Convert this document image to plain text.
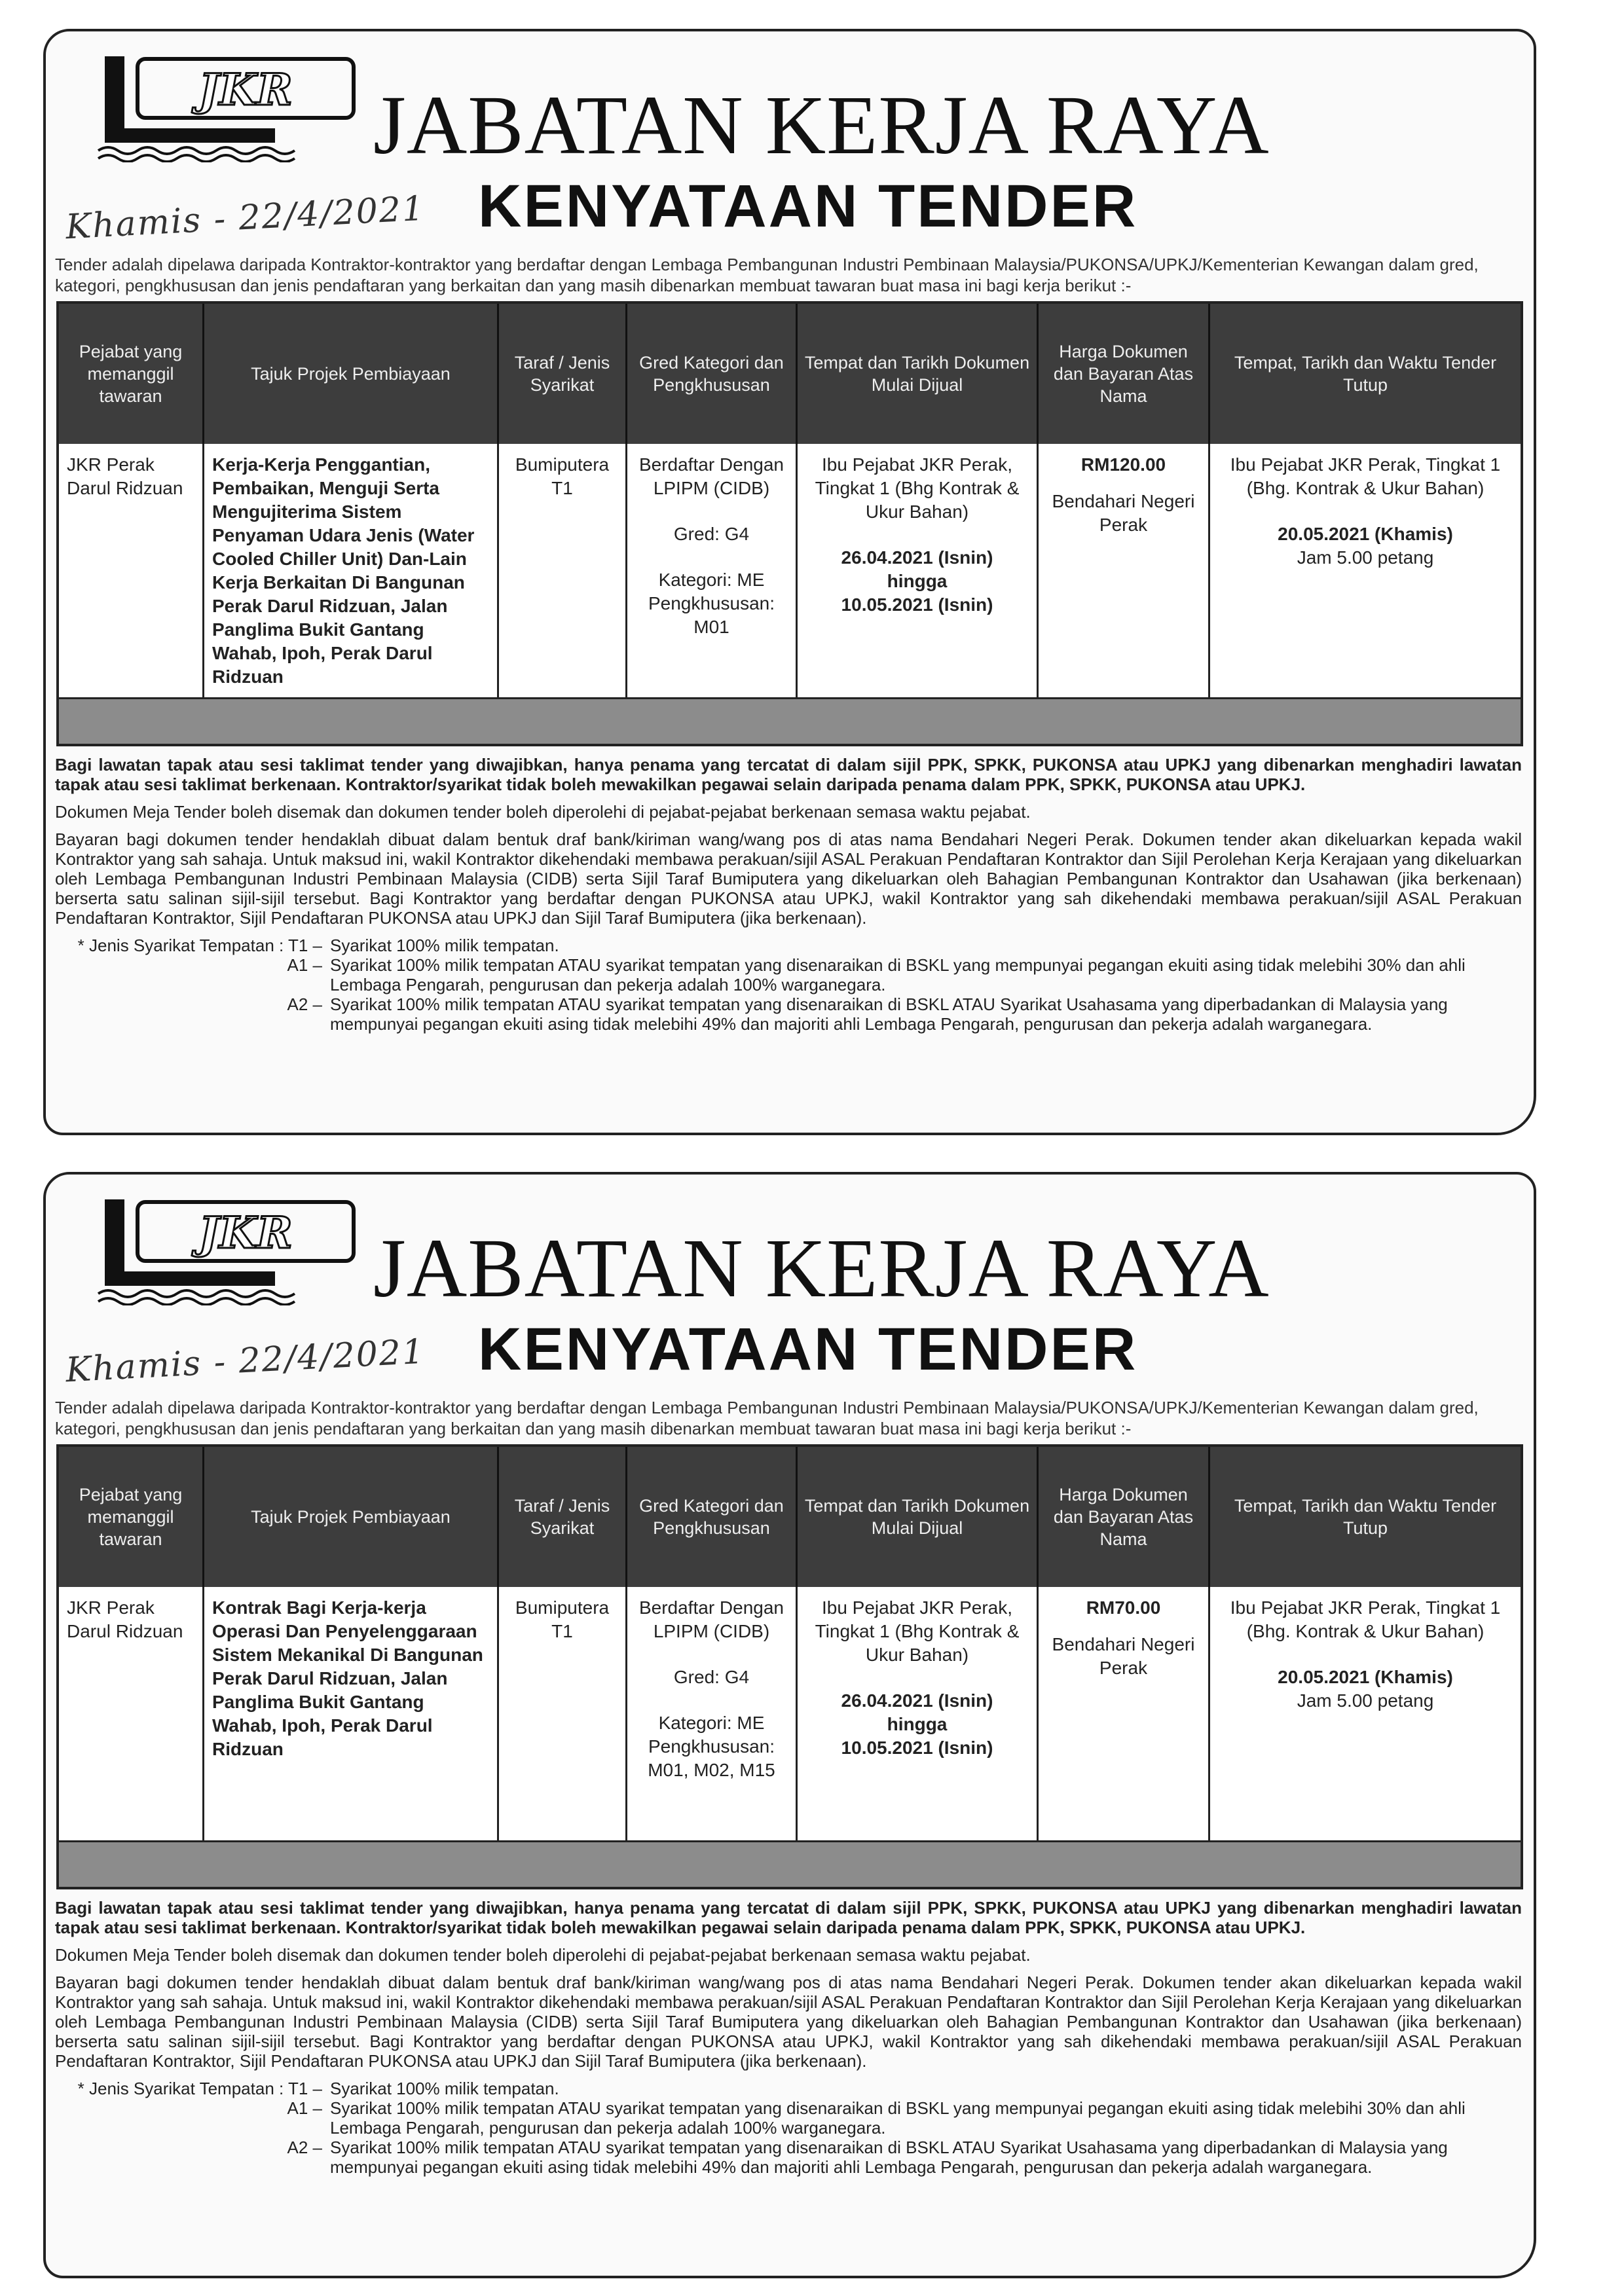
JKR
Khamis - 22/4/2021
JABATAN KERJA RAYA
KENYATAAN TENDER
Tender adalah dipelawa daripada Kontraktor-kontraktor yang berdaftar dengan Lembaga Pembangunan Industri Pembinaan Malaysia/PUKONSA/UPKJ/Kementerian Kewangan dalam gred, kategori, pengkhususan dan jenis pendaftaran yang berkaitan dan yang masih dibenarkan membuat tawaran buat masa ini bagi kerja berikut :-
Pejabat yang memanggil tawaran
Tajuk Projek Pembiayaan
Taraf / Jenis Syarikat
Gred Kategori dan Pengkhususan
Tempat dan Tarikh Dokumen Mulai Dijual
Harga Dokumen dan Bayaran Atas Nama
Tempat, Tarikh dan Waktu Tender Tutup
JKR Perak Darul Ridzuan
Kerja-Kerja Penggantian, Pembaikan, Menguji Serta Mengujiterima Sistem Penyaman Udara Jenis (Water Cooled Chiller Unit) Dan-Lain Kerja Berkaitan Di Bangunan Perak Darul Ridzuan, Jalan Panglima Bukit Gantang Wahab, Ipoh, Perak Darul Ridzuan
Bumiputera
T1
Berdaftar Dengan LPIPM (CIDB)
Gred: G4
Kategori: ME
Pengkhususan: M01
Ibu Pejabat JKR Perak, Tingkat 1 (Bhg Kontrak & Ukur Bahan)
26.04.2021 (Isnin)
hingga
10.05.2021 (Isnin)
RM120.00
Bendahari Negeri Perak
Ibu Pejabat JKR Perak, Tingkat 1 (Bhg. Kontrak & Ukur Bahan)
20.05.2021 (Khamis)
Jam 5.00 petang

Bagi lawatan tapak atau sesi taklimat tender yang diwajibkan, hanya penama yang tercatat di dalam sijil PPK, SPKK, PUKONSA atau UPKJ yang dibenarkan menghadiri lawatan tapak atau sesi taklimat berkenaan. Kontraktor/syarikat tidak boleh mewakilkan pegawai selain daripada penama dalam PPK, SPKK, PUKONSA atau UPKJ.

Dokumen Meja Tender boleh disemak dan dokumen tender boleh diperolehi di pejabat-pejabat berkenaan semasa waktu pejabat.

Bayaran bagi dokumen tender hendaklah dibuat dalam bentuk draf bank/kiriman wang/wang pos di atas nama Bendahari Negeri Perak. Dokumen tender akan dikeluarkan kepada wakil Kontraktor yang sah sahaja. Untuk maksud ini, wakil Kontraktor dikehendaki membawa perakuan/sijil ASAL Perakuan Pendaftaran Kontraktor dan Sijil Perolehan Kerja Kerajaan yang dikeluarkan oleh Lembaga Pembangunan Industri Pembinaan Malaysia (CIDB) serta Sijil Taraf Bumiputera yang dikeluarkan oleh Bahagian Pembangunan Kontraktor dan Usahawan (jika berkenaan) berserta satu salinan sijil-sijil tersebut. Bagi Kontraktor yang berdaftar dengan PUKONSA atau UPKJ, wakil Kontraktor yang sah dikehendaki membawa perakuan/sijil ASAL Perakuan Pendaftaran Kontraktor, Sijil Pendaftaran PUKONSA atau UPKJ dan Sijil Taraf Bumiputera (jika berkenaan).

* Jenis Syarikat Tempatan : T1 – Syarikat 100% milik tempatan.
A1 – Syarikat 100% milik tempatan ATAU syarikat tempatan yang disenaraikan di BSKL yang mempunyai pegangan ekuiti asing tidak melebihi 30% dan ahli Lembaga Pengarah, pengurusan dan pekerja adalah 100% warganegara.
A2 – Syarikat 100% milik tempatan ATAU syarikat tempatan yang disenaraikan di BSKL ATAU Syarikat Usahasama yang diperbadankan di Malaysia yang mempunyai pegangan ekuiti asing tidak melebihi 49% dan majoriti ahli Lembaga Pengarah, pengurusan dan pekerja adalah warganegara.
JKR
Khamis - 22/4/2021
JABATAN KERJA RAYA
KENYATAAN TENDER
Tender adalah dipelawa daripada Kontraktor-kontraktor yang berdaftar dengan Lembaga Pembangunan Industri Pembinaan Malaysia/PUKONSA/UPKJ/Kementerian Kewangan dalam gred, kategori, pengkhususan dan jenis pendaftaran yang berkaitan dan yang masih dibenarkan membuat tawaran buat masa ini bagi kerja berikut :-
Pejabat yang memanggil tawaran
Tajuk Projek Pembiayaan
Taraf / Jenis Syarikat
Gred Kategori dan Pengkhususan
Tempat dan Tarikh Dokumen Mulai Dijual
Harga Dokumen dan Bayaran Atas Nama
Tempat, Tarikh dan Waktu Tender Tutup
JKR Perak Darul Ridzuan
Kontrak Bagi Kerja-kerja Operasi Dan Penyelenggaraan Sistem Mekanikal Di Bangunan Perak Darul Ridzuan, Jalan Panglima Bukit Gantang Wahab, Ipoh, Perak Darul Ridzuan
Bumiputera
T1
Berdaftar Dengan LPIPM (CIDB)
Gred: G4
Kategori: ME
Pengkhususan: M01, M02, M15
Ibu Pejabat JKR Perak, Tingkat 1 (Bhg Kontrak & Ukur Bahan)
26.04.2021 (Isnin)
hingga
10.05.2021 (Isnin)
RM70.00
Bendahari Negeri Perak
Ibu Pejabat JKR Perak, Tingkat 1 (Bhg. Kontrak & Ukur Bahan)
20.05.2021 (Khamis)
Jam 5.00 petang

Bagi lawatan tapak atau sesi taklimat tender yang diwajibkan, hanya penama yang tercatat di dalam sijil PPK, SPKK, PUKONSA atau UPKJ yang dibenarkan menghadiri lawatan tapak atau sesi taklimat berkenaan. Kontraktor/syarikat tidak boleh mewakilkan pegawai selain daripada penama dalam PPK, SPKK, PUKONSA atau UPKJ.

Dokumen Meja Tender boleh disemak dan dokumen tender boleh diperolehi di pejabat-pejabat berkenaan semasa waktu pejabat.

Bayaran bagi dokumen tender hendaklah dibuat dalam bentuk draf bank/kiriman wang/wang pos di atas nama Bendahari Negeri Perak. Dokumen tender akan dikeluarkan kepada wakil Kontraktor yang sah sahaja. Untuk maksud ini, wakil Kontraktor dikehendaki membawa perakuan/sijil ASAL Perakuan Pendaftaran Kontraktor dan Sijil Perolehan Kerja Kerajaan yang dikeluarkan oleh Lembaga Pembangunan Industri Pembinaan Malaysia (CIDB) serta Sijil Taraf Bumiputera yang dikeluarkan oleh Bahagian Pembangunan Kontraktor dan Usahawan (jika berkenaan) berserta satu salinan sijil-sijil tersebut. Bagi Kontraktor yang berdaftar dengan PUKONSA atau UPKJ, wakil Kontraktor yang sah dikehendaki membawa perakuan/sijil ASAL Perakuan Pendaftaran Kontraktor, Sijil Pendaftaran PUKONSA atau UPKJ dan Sijil Taraf Bumiputera (jika berkenaan).

* Jenis Syarikat Tempatan : T1 – Syarikat 100% milik tempatan.
A1 – Syarikat 100% milik tempatan ATAU syarikat tempatan yang disenaraikan di BSKL yang mempunyai pegangan ekuiti asing tidak melebihi 30% dan ahli Lembaga Pengarah, pengurusan dan pekerja adalah 100% warganegara.
A2 – Syarikat 100% milik tempatan ATAU syarikat tempatan yang disenaraikan di BSKL ATAU Syarikat Usahasama yang diperbadankan di Malaysia yang mempunyai pegangan ekuiti asing tidak melebihi 49% dan majoriti ahli Lembaga Pengarah, pengurusan dan pekerja adalah warganegara.
